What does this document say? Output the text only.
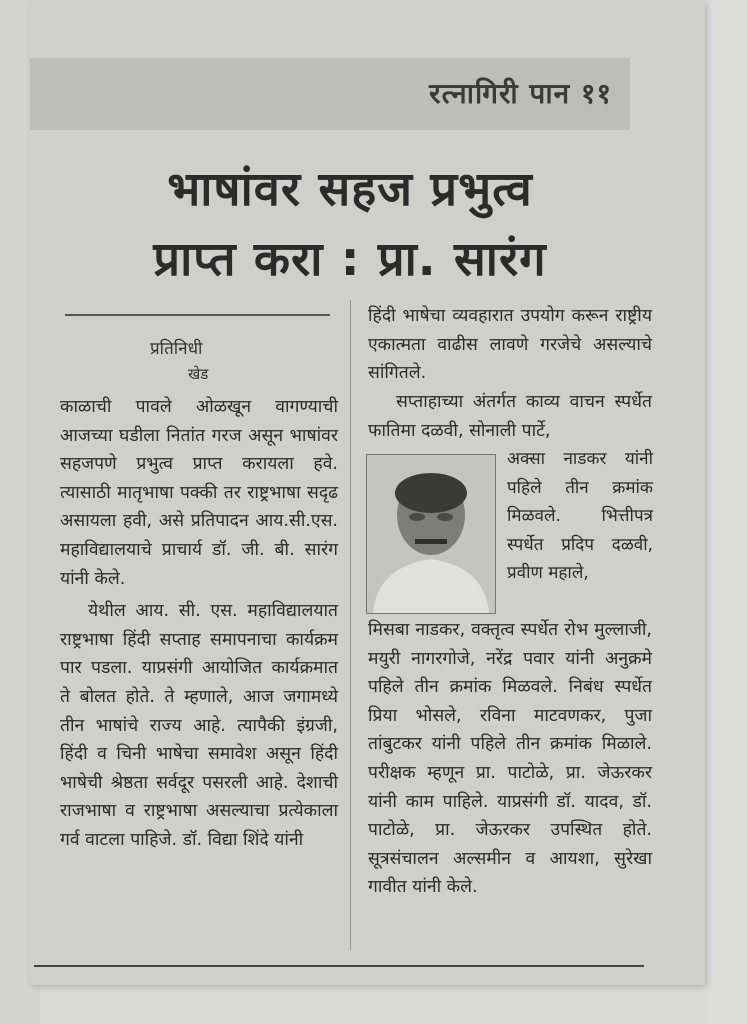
रत्नागिरी पान ११
भाषांवर सहज प्रभुत्व
प्राप्त करा : प्रा. सारंग
प्रतिनिधी
खेड

काळाची पावले ओळखून वागण्याची आजच्या घडीला नितांत गरज असून भाषांवर सहजपणे प्रभुत्व प्राप्त करायला हवे. त्यासाठी मातृभाषा पक्की तर राष्ट्रभाषा सदृढ असायला हवी, असे प्रतिपादन आय.सी.एस. महाविद्यालयाचे प्राचार्य डॉ. जी. बी. सारंग यांनी केले.

येथील आय. सी. एस. महाविद्यालयात राष्ट्रभाषा हिंदी सप्ताह समापनाचा कार्यक्रम पार पडला. याप्रसंगी आयोजित कार्यक्रमात ते बोलत होते. ते म्हणाले, आज जगामध्ये तीन भाषांचे राज्य आहे. त्यापैकी इंग्रजी, हिंदी व चिनी भाषेचा समावेश असून हिंदी भाषेची श्रेष्ठता सर्वदूर पसरली आहे. देशाची राजभाषा व राष्ट्रभाषा असल्याचा प्रत्येकाला गर्व वाटला पाहिजे. डॉ. विद्या शिंदे यांनी

हिंदी भाषेचा व्यवहारात उपयोग करून राष्ट्रीय एकात्मता वाढीस लावणे गरजेचे असल्याचे सांगितले.

सप्ताहाच्या अंतर्गत काव्य वाचन स्पर्धेत फातिमा दळवी, सोनाली पार्टे,

अक्सा नाडकर यांनी पहिले तीन क्रमांक मिळवले. भित्तीपत्र स्पर्धेत प्रदिप दळवी, प्रवीण महाले,

मिसबा नाडकर, वक्तृत्व स्पर्धेत रोभ मुल्लाजी, मयुरी नागरगोजे, नरेंद्र पवार यांनी अनुक्रमे पहिले तीन क्रमांक मिळवले. निबंध स्पर्धेत प्रिया भोसले, रविना माटवणकर, पुजा तांबुटकर यांनी पहिले तीन क्रमांक मिळाले. परीक्षक म्हणून प्रा. पाटोळे, प्रा. जेऊरकर यांनी काम पाहिले. याप्रसंगी डॉ. यादव, डॉ. पाटोळे, प्रा. जेऊरकर उपस्थित होते. सूत्रसंचालन अल्समीन व आयशा, सुरेखा गावीत यांनी केले.
